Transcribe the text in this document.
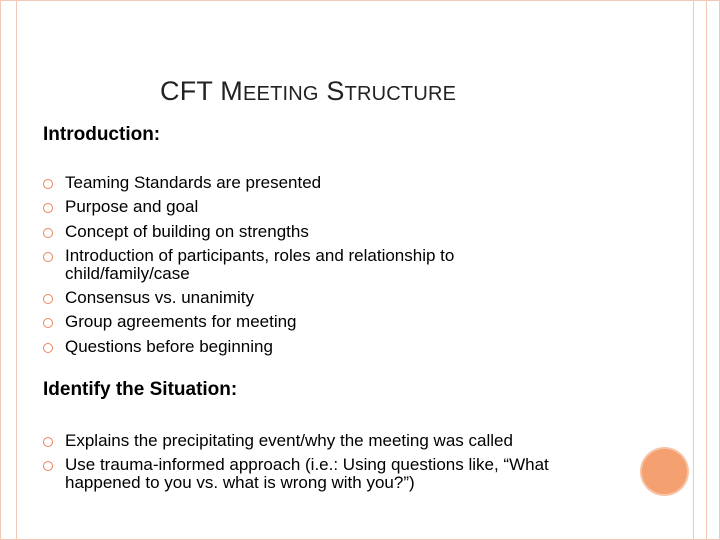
CFT MEETING STRUCTURE
Introduction:
Teaming Standards are presented
Purpose and goal
Concept of building on strengths
Introduction of participants, roles and relationship to
child/family/case
Consensus vs. unanimity
Group agreements for meeting
Questions before beginning
Identify the Situation:
Explains the precipitating event/why the meeting was called
Use trauma-informed approach (i.e.: Using questions like, “What
happened to you vs. what is wrong with you?”)
